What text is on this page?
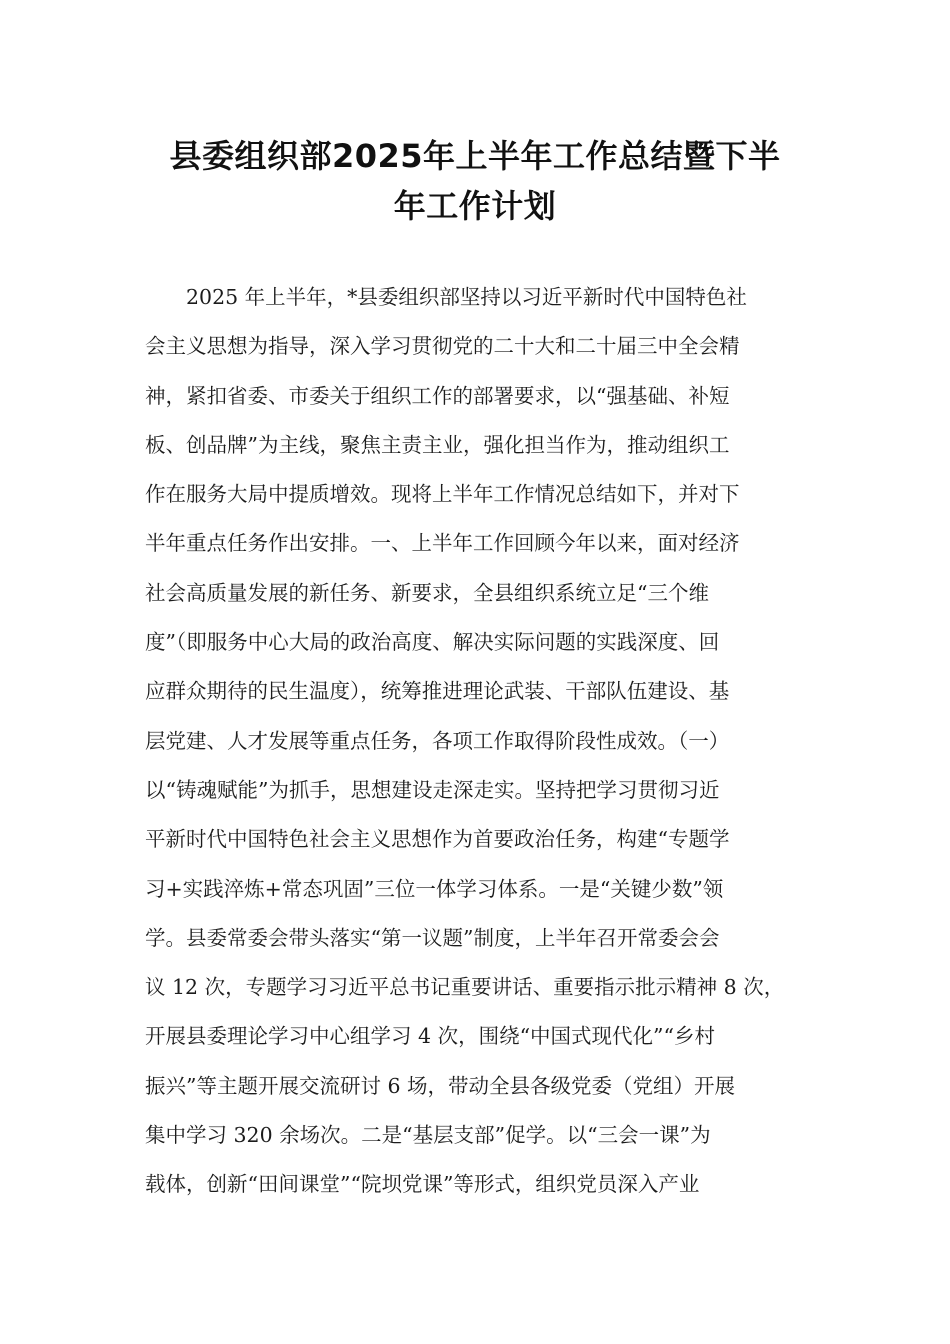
县委组织部2025年上半年工作总结暨下半
年工作计划
2025 年上半年，*县委组织部坚持以习近平新时代中国特色社
会主义思想为指导，深入学习贯彻党的二十大和二十届三中全会精
神，紧扣省委、市委关于组织工作的部署要求，以“强基础、补短
板、创品牌”为主线，聚焦主责主业，强化担当作为，推动组织工
作在服务大局中提质增效。现将上半年工作情况总结如下，并对下
半年重点任务作出安排。一、上半年工作回顾今年以来，面对经济
社会高质量发展的新任务、新要求，全县组织系统立足“三个维
度”（即服务中心大局的政治高度、解决实际问题的实践深度、回
应群众期待的民生温度），统筹推进理论武装、干部队伍建设、基
层党建、人才发展等重点任务，各项工作取得阶段性成效。（一）
以“铸魂赋能”为抓手，思想建设走深走实。坚持把学习贯彻习近
平新时代中国特色社会主义思想作为首要政治任务，构建“专题学
习+实践淬炼+常态巩固”三位一体学习体系。一是“关键少数”领
学。县委常委会带头落实“第一议题”制度，上半年召开常委会会
议 12 次，专题学习习近平总书记重要讲话、重要指示批示精神 8 次，
开展县委理论学习中心组学习 4 次，围绕“中国式现代化”“乡村
振兴”等主题开展交流研讨 6 场，带动全县各级党委（党组）开展
集中学习 320 余场次。二是“基层支部”促学。以“三会一课”为
载体，创新“田间课堂”“院坝党课”等形式，组织党员深入产业
